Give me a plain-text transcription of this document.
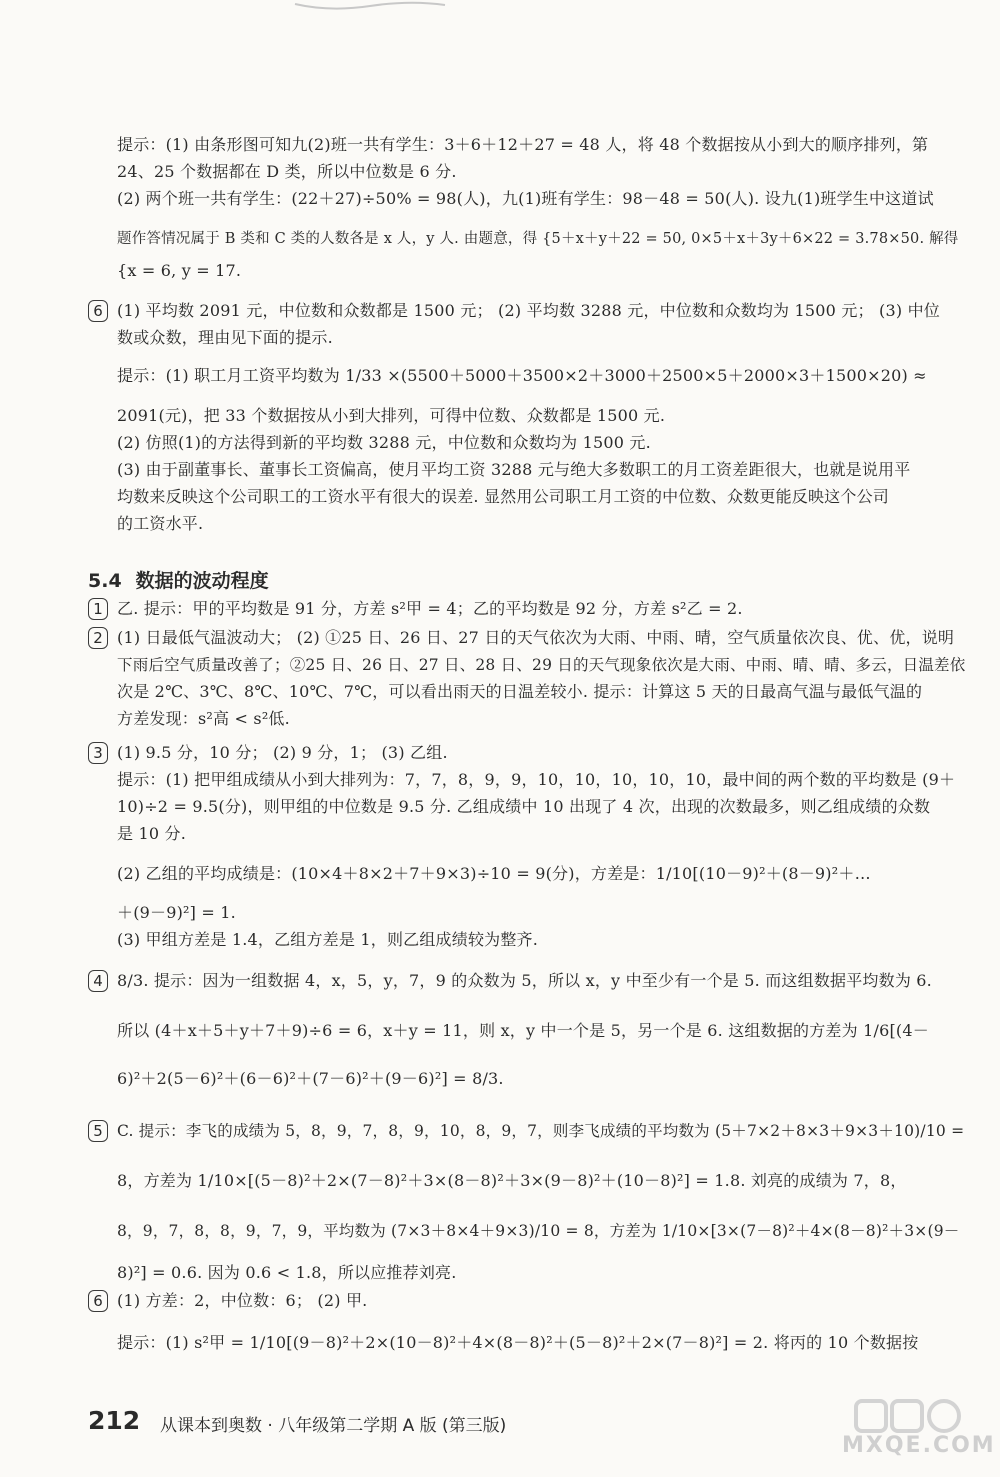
提示：(1) 由条形图可知九(2)班一共有学生：3＋6＋12＋27 = 48 人，将 48 个数据按从小到大的顺序排列，第
24、25 个数据都在 D 类，所以中位数是 6 分.
(2) 两个班一共有学生：(22＋27)÷50% = 98(人)，九(1)班有学生：98－48 = 50(人). 设九(1)班学生中这道试
题作答情况属于 B 类和 C 类的人数各是 x 人，y 人. 由题意，得 {5＋x＋y＋22 = 50, 0×5＋x＋3y＋6×22 = 3.78×50. 解得
{x = 6, y = 17.
6 (1) 平均数 2091 元，中位数和众数都是 1500 元； (2) 平均数 3288 元，中位数和众数均为 1500 元； (3) 中位
数或众数，理由见下面的提示.
提示：(1) 职工月工资平均数为 1/33 ×(5500＋5000＋3500×2＋3000＋2500×5＋2000×3＋1500×20) ≈
2091(元)，把 33 个数据按从小到大排列，可得中位数、众数都是 1500 元.
(2) 仿照(1)的方法得到新的平均数 3288 元，中位数和众数均为 1500 元.
(3) 由于副董事长、董事长工资偏高，使月平均工资 3288 元与绝大多数职工的月工资差距很大，也就是说用平
均数来反映这个公司职工的工资水平有很大的误差. 显然用公司职工月工资的中位数、众数更能反映这个公司
的工资水平.
5.4 数据的波动程度
1 乙. 提示：甲的平均数是 91 分，方差 s²甲 = 4；乙的平均数是 92 分，方差 s²乙 = 2.
2 (1) 日最低气温波动大； (2) ①25 日、26 日、27 日的天气依次为大雨、中雨、晴，空气质量依次良、优、优，说明
下雨后空气质量改善了；②25 日、26 日、27 日、28 日、29 日的天气现象依次是大雨、中雨、晴、晴、多云，日温差依
次是 2℃、3℃、8℃、10℃、7℃，可以看出雨天的日温差较小. 提示：计算这 5 天的日最高气温与最低气温的
方差发现：s²高 < s²低.
3 (1) 9.5 分，10 分； (2) 9 分，1； (3) 乙组.
提示：(1) 把甲组成绩从小到大排列为：7，7，8，9，9，10，10，10，10，10，最中间的两个数的平均数是 (9＋
10)÷2 = 9.5(分)，则甲组的中位数是 9.5 分. 乙组成绩中 10 出现了 4 次，出现的次数最多，则乙组成绩的众数
是 10 分.
(2) 乙组的平均成绩是：(10×4＋8×2＋7＋9×3)÷10 = 9(分)，方差是：1/10[(10－9)²＋(8－9)²＋…
＋(9－9)²] = 1.
(3) 甲组方差是 1.4，乙组方差是 1，则乙组成绩较为整齐.
4 8/3. 提示：因为一组数据 4，x，5，y，7，9 的众数为 5，所以 x，y 中至少有一个是 5. 而这组数据平均数为 6.
所以 (4＋x＋5＋y＋7＋9)÷6 = 6，x＋y = 11，则 x，y 中一个是 5，另一个是 6. 这组数据的方差为 1/6[(4－
6)²＋2(5－6)²＋(6－6)²＋(7－6)²＋(9－6)²] = 8/3.
5 C. 提示：李飞的成绩为 5，8，9，7，8，9，10，8，9，7，则李飞成绩的平均数为 (5＋7×2＋8×3＋9×3＋10)/10 =
8，方差为 1/10×[(5－8)²＋2×(7－8)²＋3×(8－8)²＋3×(9－8)²＋(10－8)²] = 1.8. 刘亮的成绩为 7，8，
8，9，7，8，8，9，7，9，平均数为 (7×3＋8×4＋9×3)/10 = 8，方差为 1/10×[3×(7－8)²＋4×(8－8)²＋3×(9－
8)²] = 0.6. 因为 0.6 < 1.8，所以应推荐刘亮.
6 (1) 方差：2，中位数：6； (2) 甲.
提示：(1) s²甲 = 1/10[(9－8)²＋2×(10－8)²＋4×(8－8)²＋(5－8)²＋2×(7－8)²] = 2. 将丙的 10 个数据按
212 从课本到奥数 · 八年级第二学期 A 版 (第三版)
MXQE.COM
